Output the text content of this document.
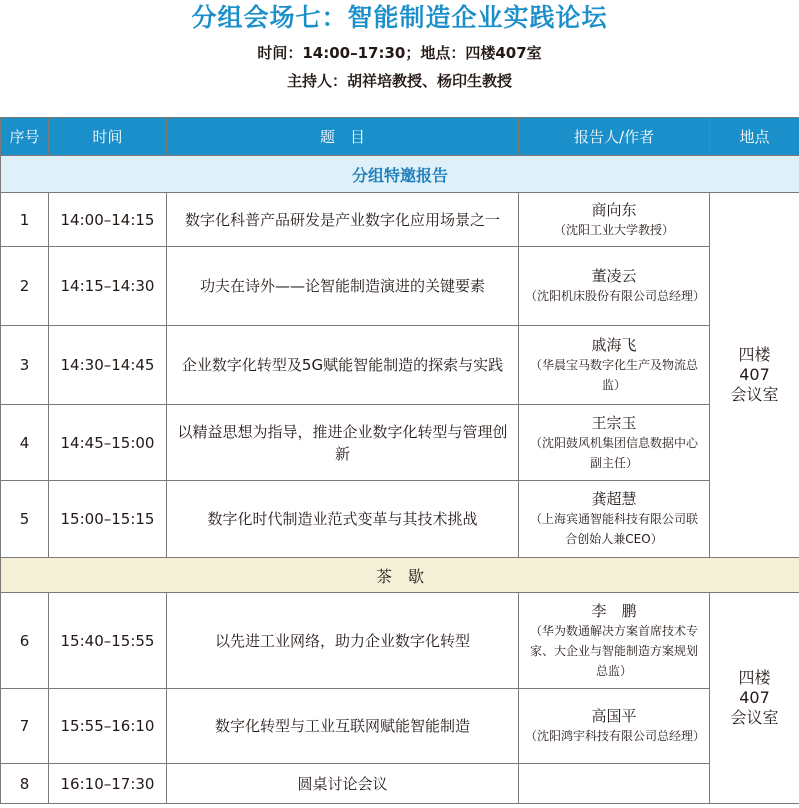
分组会场七：智能制造企业实践论坛
时间：14:00–17:30；地点：四楼407室
主持人：胡祥培教授、杨印生教授
序号	时间	题　目	报告人/作者	地点
分组特邀报告				
1	14:00–14:15	数字化科普产品研发是产业数字化应用场景之一	商向东
（沈阳工业大学教授）	四楼
407
会议室

2	14:15–14:30	功夫在诗外——论智能制造演进的关键要素	董凌云
（沈阳机床股份有限公司总经理）	

3	14:30–14:45	企业数字化转型及5G赋能智能制造的探索与实践	戚海飞
（华晨宝马数字化生产及物流总监）	

4	14:45–15:00	以精益思想为指导，推进企业数字化转型与管理创新	王宗玉
（沈阳鼓风机集团信息数据中心副主任）	

5	15:00–15:15	数字化时代制造业范式变革与其技术挑战	龚超慧
（上海宾通智能科技有限公司联合创始人兼CEO）	

茶　歇				
6	15:40–15:55	以先进工业网络，助力企业数字化转型	李　鹏
（华为数通解决方案首席技术专家、大企业与智能制造方案规划总监）	四楼
407
会议室

7	15:55–16:10	数字化转型与工业互联网赋能智能制造	高国平
（沈阳鸿宇科技有限公司总经理）	

8	16:10–17:30	圆桌讨论会议		
